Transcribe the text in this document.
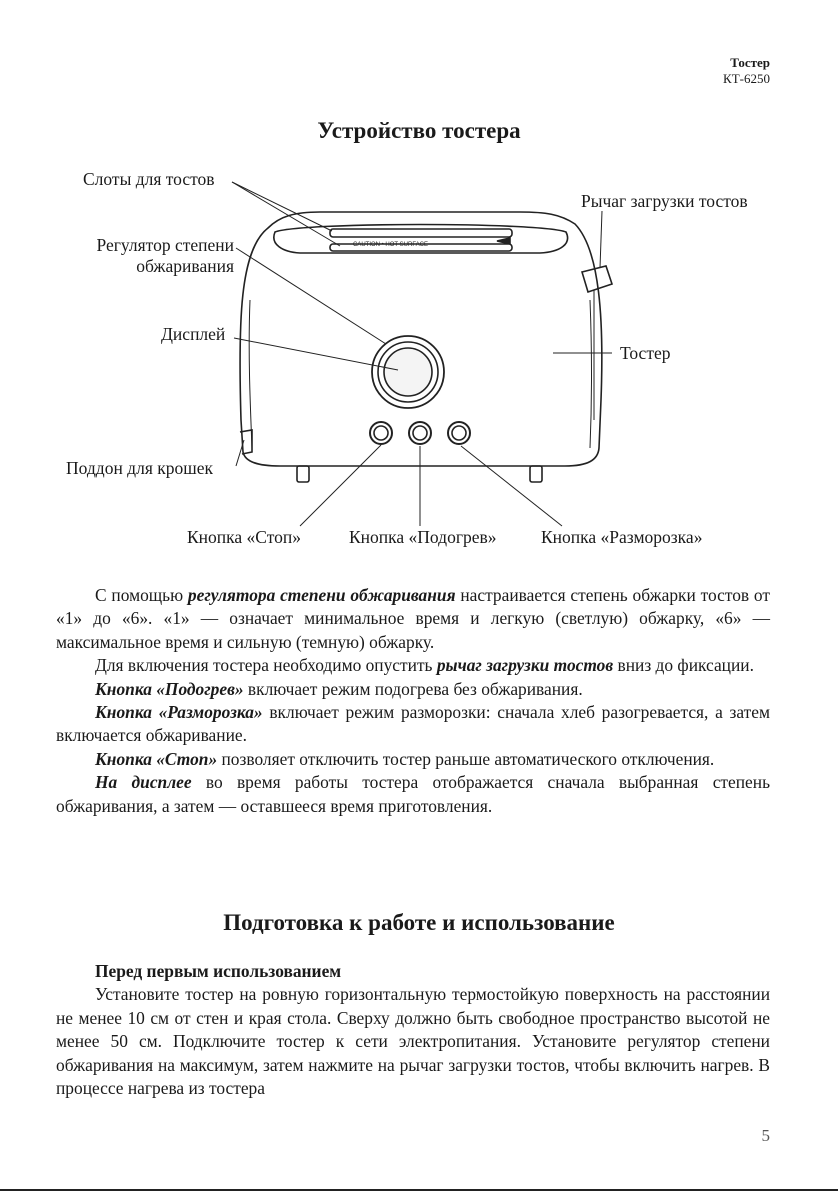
Тостер
КТ-6250
Устройство тостера
CAUTION • HOT SURFACE
Слоты для тостов
Регулятор степени
обжаривания
Дисплей
Поддон для крошек
Рычаг загрузки тостов
Тостер
Кнопка «Стоп»	Кнопка «Подогрев»	Кнопка «Разморозка»

С помощью регулятора степени обжаривания настраивается степень обжарки тостов от «1» до «6». «1» — означает минимальное время и легкую (светлую) обжарку, «6» — максимальное время и сильную (темную) обжарку.

Для включения тостера необходимо опустить рычаг загрузки тостов вниз до фиксации.

Кнопка «Подогрев» включает режим подогрева без обжаривания.

Кнопка «Разморозка» включает режим разморозки: сначала хлеб разогревается, а затем включается обжаривание.

Кнопка «Стоп» позволяет отключить тостер раньше автоматического отключения.

На дисплее во время работы тостера отображается сначала выбранная степень обжаривания, а затем — оставшееся время приготовления.

Подготовка к работе и использование

Перед первым использованием

Установите тостер на ровную горизонтальную термостойкую поверхность на расстоянии не менее 10 см от стен и края стола. Сверху должно быть свободное пространство высотой не менее 50 см. Подключите тостер к сети электропитания. Установите регулятор степени обжаривания на максимум, затем нажмите на рычаг загрузки тостов, чтобы включить нагрев. В процессе нагрева из тостера

5
